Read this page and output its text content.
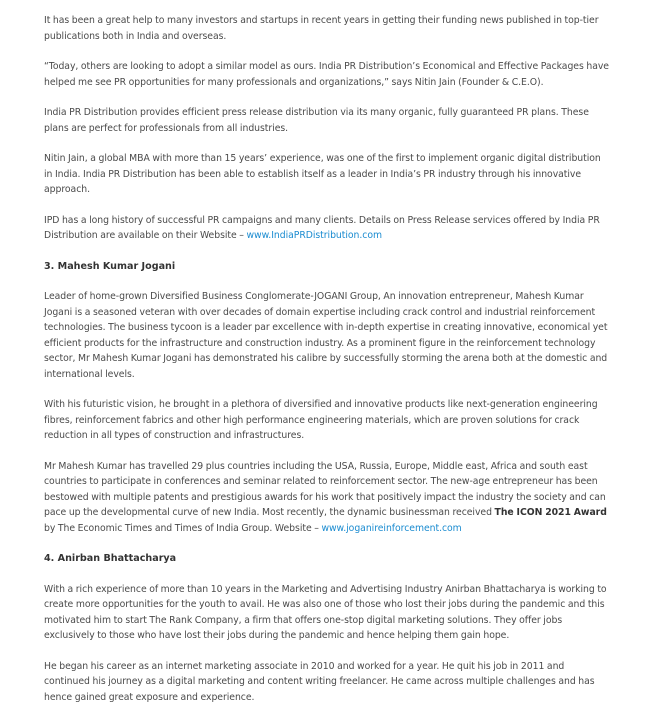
It has been a great help to many investors and startups in recent years in getting their funding news published in top-tier publications both in India and overseas.

“Today, others are looking to adopt a similar model as ours. India PR Distribution’s Economical and Effective Packages have helped me see PR opportunities for many professionals and organizations,” says Nitin Jain (Founder & C.E.O).

India PR Distribution provides efficient press release distribution via its many organic, fully guaranteed PR plans. These plans are perfect for professionals from all industries.

Nitin Jain, a global MBA with more than 15 years’ experience, was one of the first to implement organic digital distribution in India. India PR Distribution has been able to establish itself as a leader in India’s PR industry through his innovative approach.

IPD has a long history of successful PR campaigns and many clients. Details on Press Release services offered by India PR Distribution are available on their Website – www.IndiaPRDistribution.com

3. Mahesh Kumar Jogani

Leader of home-grown Diversified Business Conglomerate-JOGANI Group, An innovation entrepreneur, Mahesh Kumar Jogani is a seasoned veteran with over decades of domain expertise including crack control and industrial reinforcement technologies. The business tycoon is a leader par excellence with in-depth expertise in creating innovative, economical yet efficient products for the infrastructure and construction industry. As a prominent figure in the reinforcement technology sector, Mr Mahesh Kumar Jogani has demonstrated his calibre by successfully storming the arena both at the domestic and international levels.

With his futuristic vision, he brought in a plethora of diversified and innovative products like next-generation engineering fibres, reinforcement fabrics and other high performance engineering materials, which are proven solutions for crack reduction in all types of construction and infrastructures.

Mr Mahesh Kumar has travelled 29 plus countries including the USA, Russia, Europe, Middle east, Africa and south east countries to participate in conferences and seminar related to reinforcement sector. The new-age entrepreneur has been bestowed with multiple patents and prestigious awards for his work that positively impact the industry the society and can pace up the developmental curve of new India. Most recently, the dynamic businessman received The ICON 2021 Award by The Economic Times and Times of India Group. Website – www.joganireinforcement.com

4. Anirban Bhattacharya

With a rich experience of more than 10 years in the Marketing and Advertising Industry Anirban Bhattacharya is working to create more opportunities for the youth to avail. He was also one of those who lost their jobs during the pandemic and this motivated him to start The Rank Company, a firm that offers one-stop digital marketing solutions. They offer jobs exclusively to those who have lost their jobs during the pandemic and hence helping them gain hope.

He began his career as an internet marketing associate in 2010 and worked for a year. He quit his job in 2011 and continued his journey as a digital marketing and content writing freelancer. He came across multiple challenges and has hence gained great exposure and experience.
